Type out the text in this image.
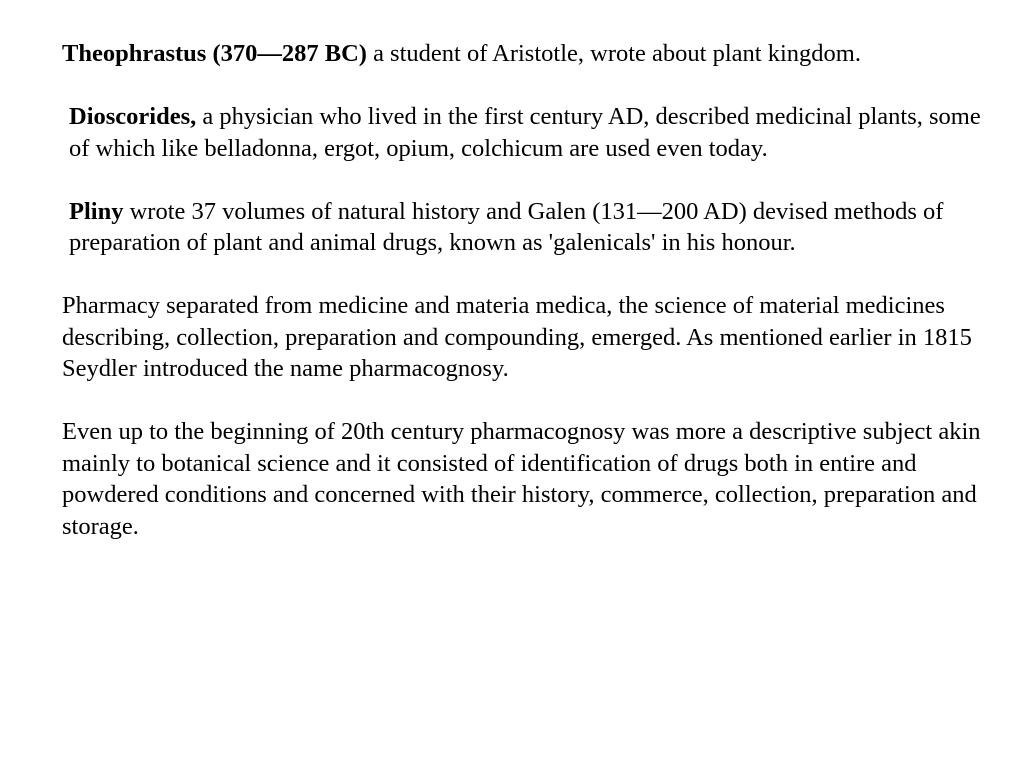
Theophrastus (370—287 BC) a student of Aristotle, wrote about plant kingdom.

Dioscorides, a physician who lived in the first century AD, described medicinal plants, some of which like belladonna, ergot, opium, colchicum are used even today.

Pliny wrote 37 volumes of natural history and Galen (131—200 AD) devised methods of preparation of plant and animal drugs, known as 'galenicals' in his honour.

Pharmacy separated from medicine and materia medica, the science of material medicines describing, collection, preparation and compounding, emerged. As mentioned earlier in 1815 Seydler introduced the name pharmacognosy.

Even up to the beginning of 20th century pharmacognosy was more a descriptive subject akin mainly to botanical science and it consisted of identification of drugs both in entire and powdered conditions and concerned with their history, commerce, collection, preparation and storage.
